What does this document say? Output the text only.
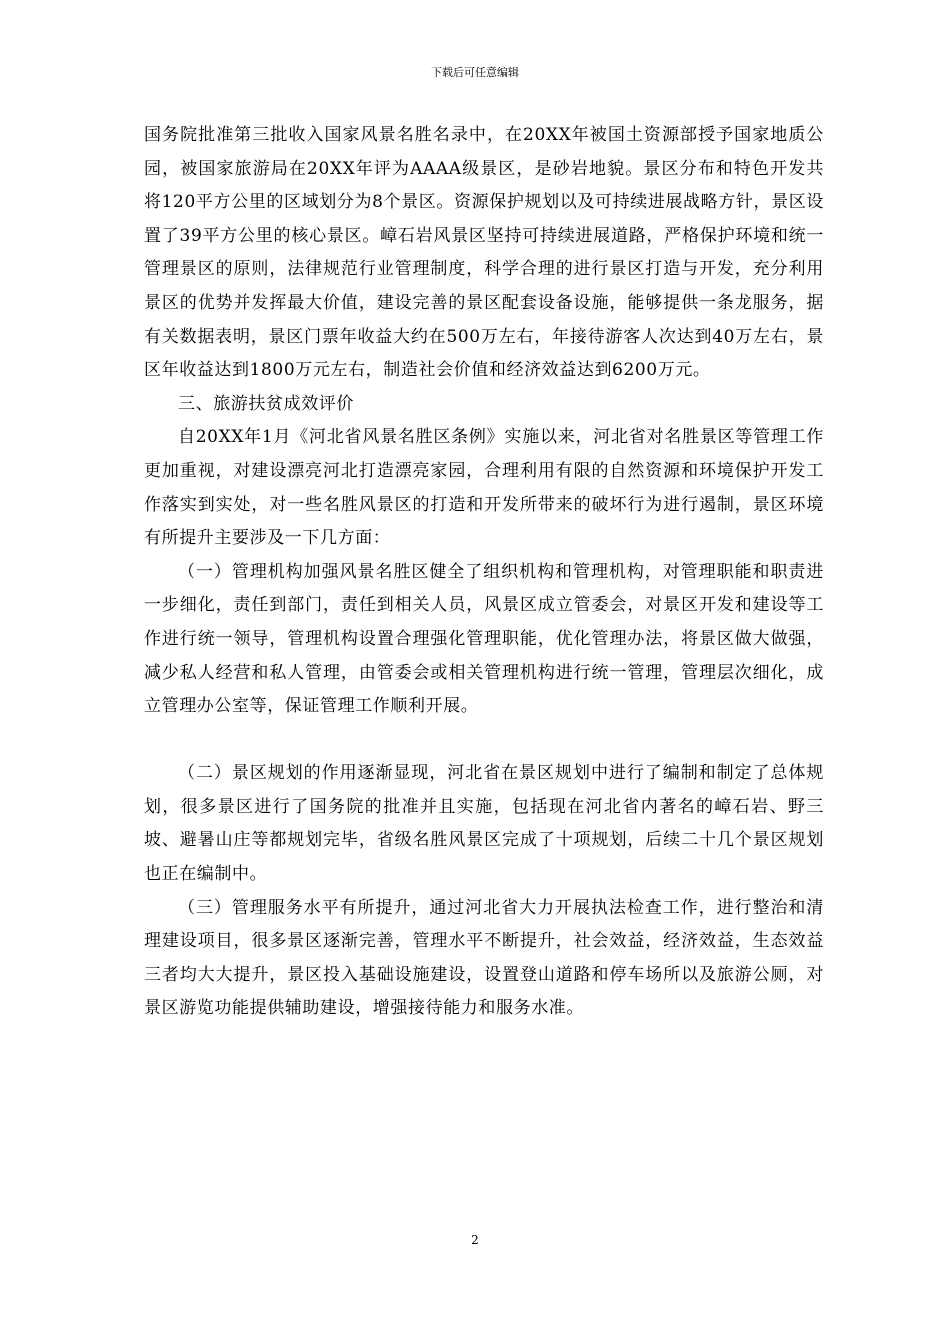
下载后可任意编辑

国务院批准第三批收入国家风景名胜名录中，在20XX年被国土资源部授予国家地质公园，被国家旅游局在20XX年评为AAAA级景区，是砂岩地貌。景区分布和特色开发共将120平方公里的区域划分为8个景区。资源保护规划以及可持续进展战略方针，景区设置了39平方公里的核心景区。嶂石岩风景区坚持可持续进展道路，严格保护环境和统一管理景区的原则，法律规范行业管理制度，科学合理的进行景区打造与开发，充分利用景区的优势并发挥最大价值，建设完善的景区配套设备设施，能够提供一条龙服务，据有关数据表明，景区门票年收益大约在500万左右，年接待游客人次达到40万左右，景区年收益达到1800万元左右，制造社会价值和经济效益达到6200万元。

三、旅游扶贫成效评价

自20XX年1月《河北省风景名胜区条例》实施以来，河北省对名胜景区等管理工作更加重视，对建设漂亮河北打造漂亮家园，合理利用有限的自然资源和环境保护开发工作落实到实处，对一些名胜风景区的打造和开发所带来的破坏行为进行遏制，景区环境有所提升主要涉及一下几方面：

（一）管理机构加强风景名胜区健全了组织机构和管理机构，对管理职能和职责进一步细化，责任到部门，责任到相关人员，风景区成立管委会，对景区开发和建设等工作进行统一领导，管理机构设置合理强化管理职能，优化管理办法，将景区做大做强，减少私人经营和私人管理，由管委会或相关管理机构进行统一管理，管理层次细化，成立管理办公室等，保证管理工作顺利开展。

（二）景区规划的作用逐渐显现，河北省在景区规划中进行了编制和制定了总体规划，很多景区进行了国务院的批准并且实施，包括现在河北省内著名的嶂石岩、野三坡、避暑山庄等都规划完毕，省级名胜风景区完成了十项规划，后续二十几个景区规划也正在编制中。

（三）管理服务水平有所提升，通过河北省大力开展执法检查工作，进行整治和清理建设项目，很多景区逐渐完善，管理水平不断提升，社会效益，经济效益，生态效益三者均大大提升，景区投入基础设施建设，设置登山道路和停车场所以及旅游公厕，对景区游览功能提供辅助建设，增强接待能力和服务水准。

2
